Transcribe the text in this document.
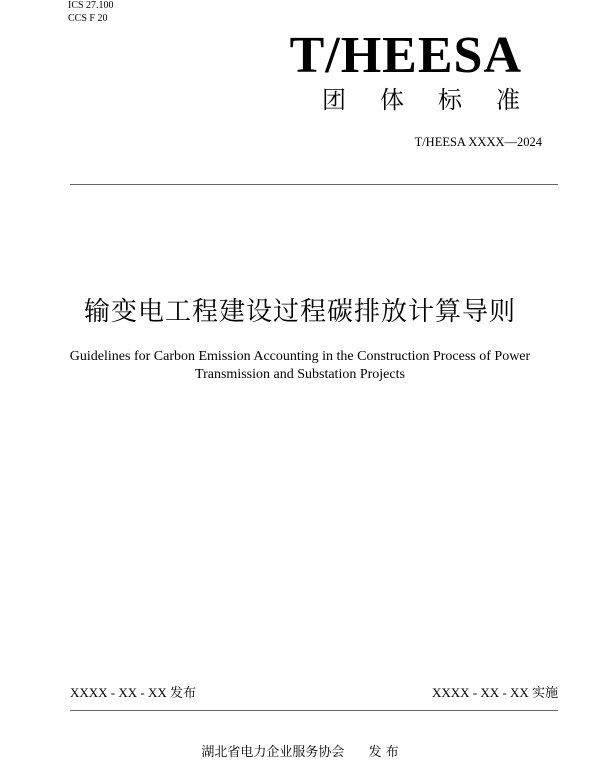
ICS 27.100
CCS F 20
T/HEESA
团体标准
T/HEESA XXXX—2024
输变电工程建设过程碳排放计算导则
Guidelines for Carbon Emission Accounting in the Construction Process of Power
Transmission and Substation Projects
XXXX - XX - XX 发布	XXXX - XX - XX 实施
湖北省电力企业服务协会 发 布
